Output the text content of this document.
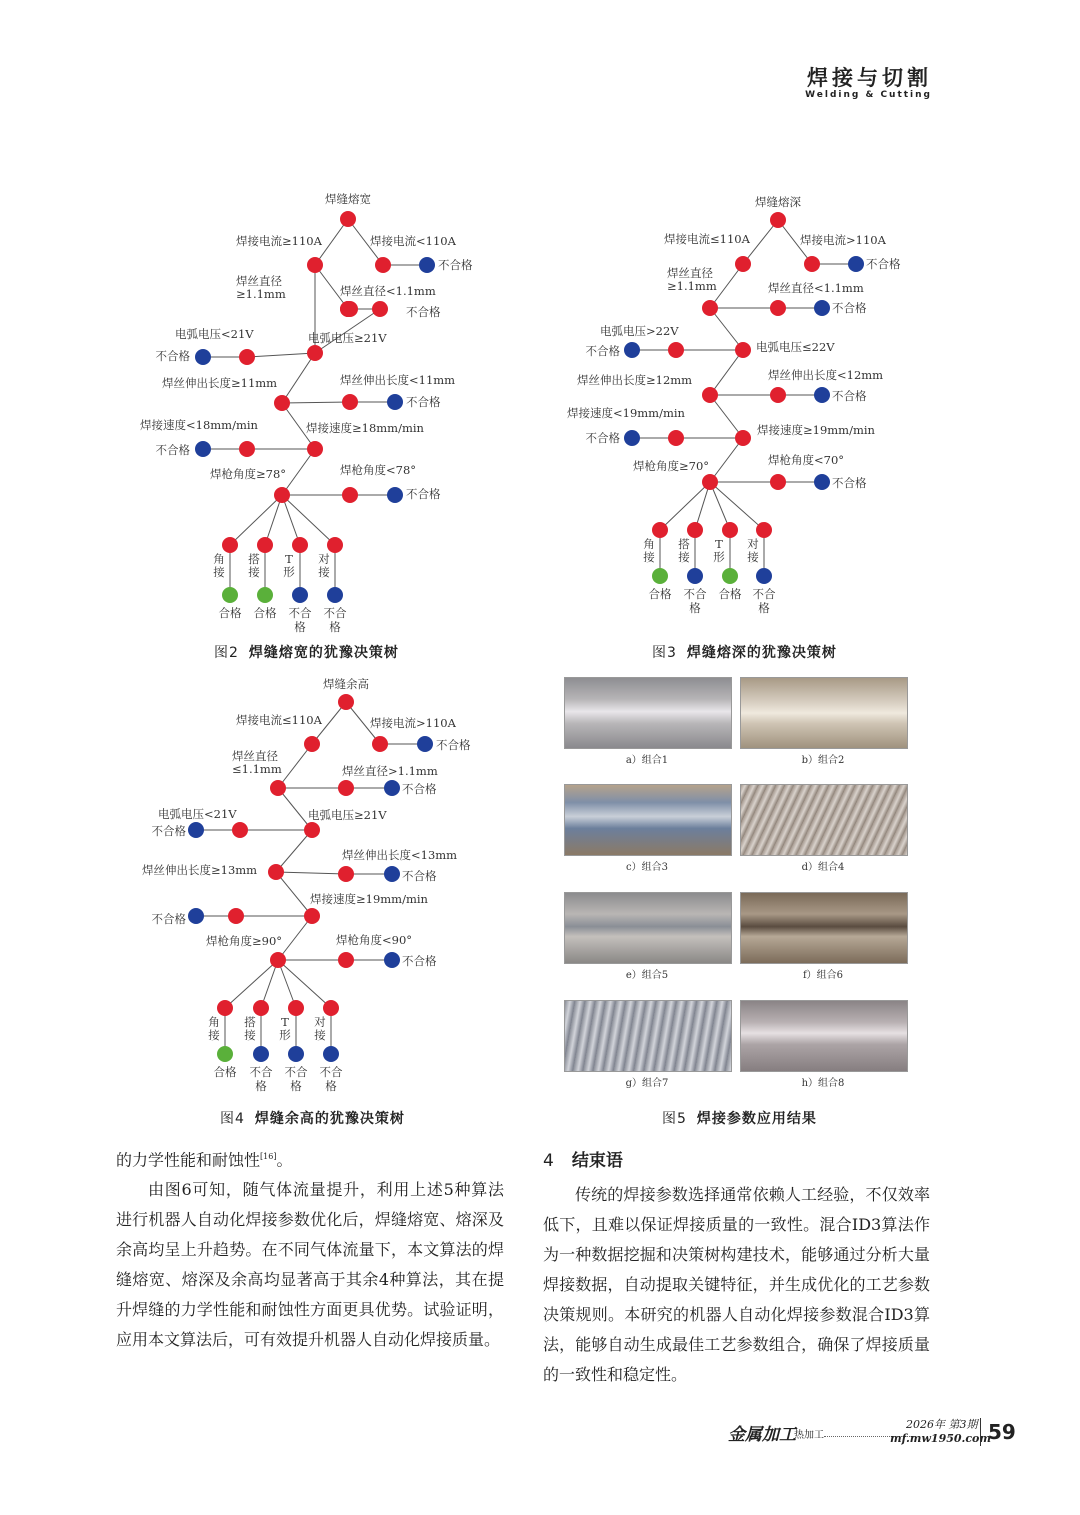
焊接与切割
Welding & Cutting
焊缝熔宽
焊接电流≥110A	焊接电流<110A
焊丝直径
≥1.1mm	焊丝直径<1.1mm
电弧电压<21V	电弧电压≥21V
焊丝伸出长度≥11mm	焊丝伸出长度<11mm
焊接速度<18mm/min	焊接速度≥18mm/min
焊枪角度≥78°	焊枪角度<78°
不合格
不合格
不合格
不合格
不合格
不合格
角接
搭接
T 形
对接
合格 合格 不合
格
不合
格
图2 焊缝熔宽的犹豫决策树
焊缝熔深
焊接电流≤110A	焊接电流>110A
焊丝直径
≥1.1mm	焊丝直径<1.1mm
电弧电压>22V
电弧电压≤22V
焊丝伸出长度≥12mm	焊丝伸出长度<12mm
焊接速度<19mm/min
焊接速度≥19mm/min
焊枪角度≥70°	焊枪角度<70°
不合格
不合格
不合格
不合格
不合格
不合格
角接
搭接
T 形
对接
合格 不合
格
合格 不合
格
图3 焊缝熔深的犹豫决策树
焊缝余高
焊接电流≤110A	焊接电流>110A
焊丝直径
≤1.1mm	焊丝直径>1.1mm
电弧电压<21V	电弧电压≥21V
焊丝伸出长度≥13mm
焊丝伸出长度<13mm
焊接速度≥19mm/min
焊枪角度≥90°	焊枪角度<90°
不合格
不合格
不合格
不合格
不合格
不合格
角接
搭接
T 形
对接
合格 不合
格
不合
格
不合
格
图4 焊缝余高的犹豫决策树
a）组合1	b）组合2
c）组合3	d）组合4
e）组合5	f）组合6
g）组合7	h）组合8
图5 焊接参数应用结果

的力学性能和耐蚀性[16]。

由图6可知，随气体流量提升，利用上述5种算法进行机器人自动化焊接参数优化后，焊缝熔宽、熔深及余高均呈上升趋势。在不同气体流量下，本文算法的焊缝熔宽、熔深及余高均显著高于其余4种算法，其在提升焊缝的力学性能和耐蚀性方面更具优势。试验证明，应用本文算法后，可有效提升机器人自动化焊接质量。

4 结束语

传统的焊接参数选择通常依赖人工经验，不仅效率低下，且难以保证焊接质量的一致性。混合ID3算法作为一种数据挖掘和决策树构建技术，能够通过分析大量焊接数据，自动提取关键特征，并生成优化的工艺参数决策规则。本研究的机器人自动化焊接参数混合ID3算法，能够自动生成最佳工艺参数组合，确保了焊接质量的一致性和稳定性。

金属加工
热加工
2026年 第3期
mf.mw1950.com
59
